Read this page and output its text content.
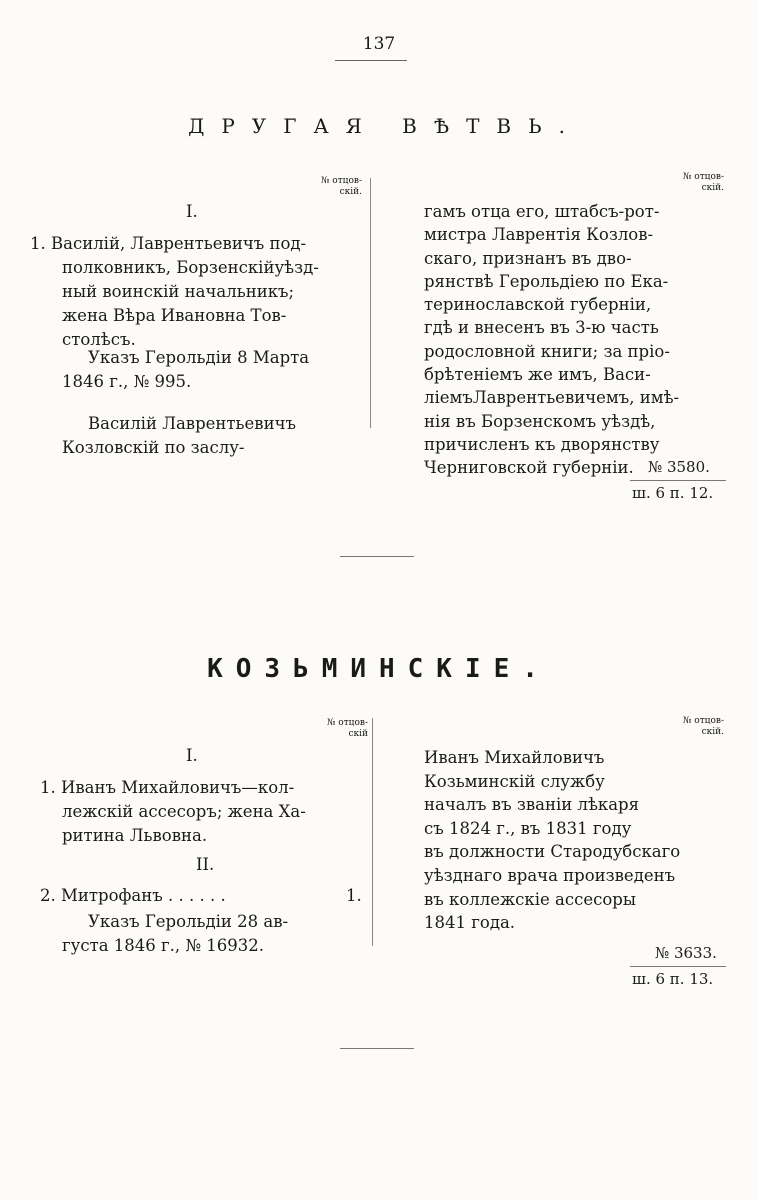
137
ДРУГАЯ ВѢТВЬ.
№ отцов-
скій.
№ отцов-
скій.
I.
1. Василій, Лаврентьевичъ под-
полковникъ, Борзенскійуѣзд-
ный воинскій начальникъ;
жена Вѣра Ивановна Тов-
столѣсъ.
Указъ Герольдіи 8 Марта
1846 г., № 995.
Василій Лаврентьевичъ
Козловскій по заслу-
гамъ отца его, штабсъ-рот-
мистра Лаврентія Козлов-
скаго, признанъ въ дво-
рянствѣ Герольдіею по Ека-
теринославской губерніи,
гдѣ и внесенъ въ 3-ю часть
родословной книги; за пріо-
брѣтеніемъ же имъ, Васи-
ліемъЛаврентьевичемъ, имѣ-
нія въ Борзенскомъ уѣздѣ,
причисленъ къ дворянству
Черниговской губерніи. № 3580.
ш. 6 п. 12.
КОЗЬМИНСКІЕ.
№ отцов-
скій
№ отцов-
скій.
I.
1. Иванъ Михайловичъ—кол-
лежскій ассесоръ; жена Ха-
ритина Львовна.
II.
2. Митрофанъ . . . . . .	1.
Указъ Герольдіи 28 ав-
густа 1846 г., № 16932.
Иванъ Михайловичъ
Козьминскій службу
началъ въ званіи лѣкаря
съ 1824 г., въ 1831 году
въ должности Стародубскаго
уѣзднаго врача произведенъ
въ коллежскіе ассесоры
1841 года.
№ 3633.
ш. 6 п. 13.
